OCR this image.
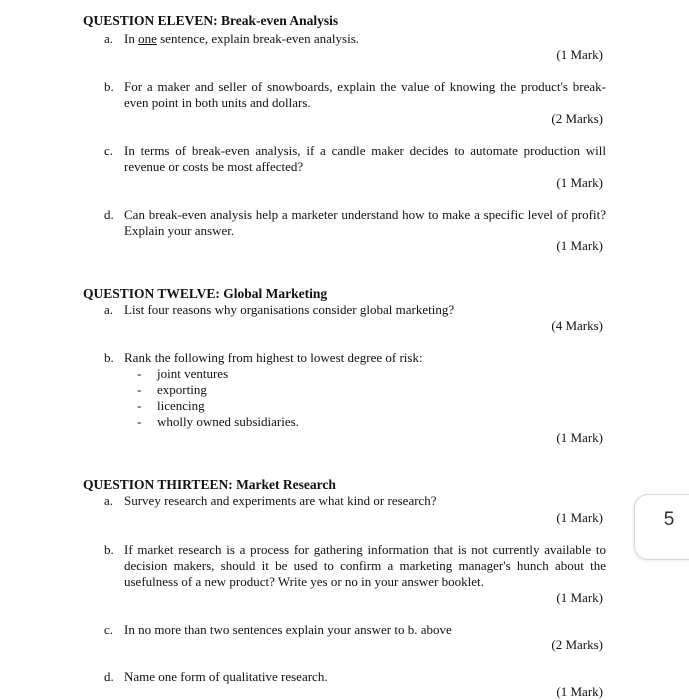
QUESTION ELEVEN: Break-even Analysis
a. In one sentence, explain break-even analysis.
(1 Mark)
b. For a maker and seller of snowboards, explain the value of knowing the product's break-even point in both units and dollars.
(2 Marks)
c. In terms of break-even analysis, if a candle maker decides to automate production will revenue or costs be most affected?
(1 Mark)
d. Can break-even analysis help a marketer understand how to make a specific level of profit? Explain your answer.
(1 Mark)
QUESTION TWELVE: Global Marketing
a. List four reasons why organisations consider global marketing?
(4 Marks)
b. Rank the following from highest to lowest degree of risk:
-	joint ventures
-	exporting
-	licencing
-	wholly owned subsidiaries.
(1 Mark)
QUESTION THIRTEEN: Market Research
a. Survey research and experiments are what kind or research?
(1 Mark)
b. If market research is a process for gathering information that is not currently available to decision makers, should it be used to confirm a marketing manager's hunch about the usefulness of a new product? Write yes or no in your answer booklet.
(1 Mark)
c. In no more than two sentences explain your answer to b. above
(2 Marks)
d. Name one form of qualitative research.
(1 Mark)
5
